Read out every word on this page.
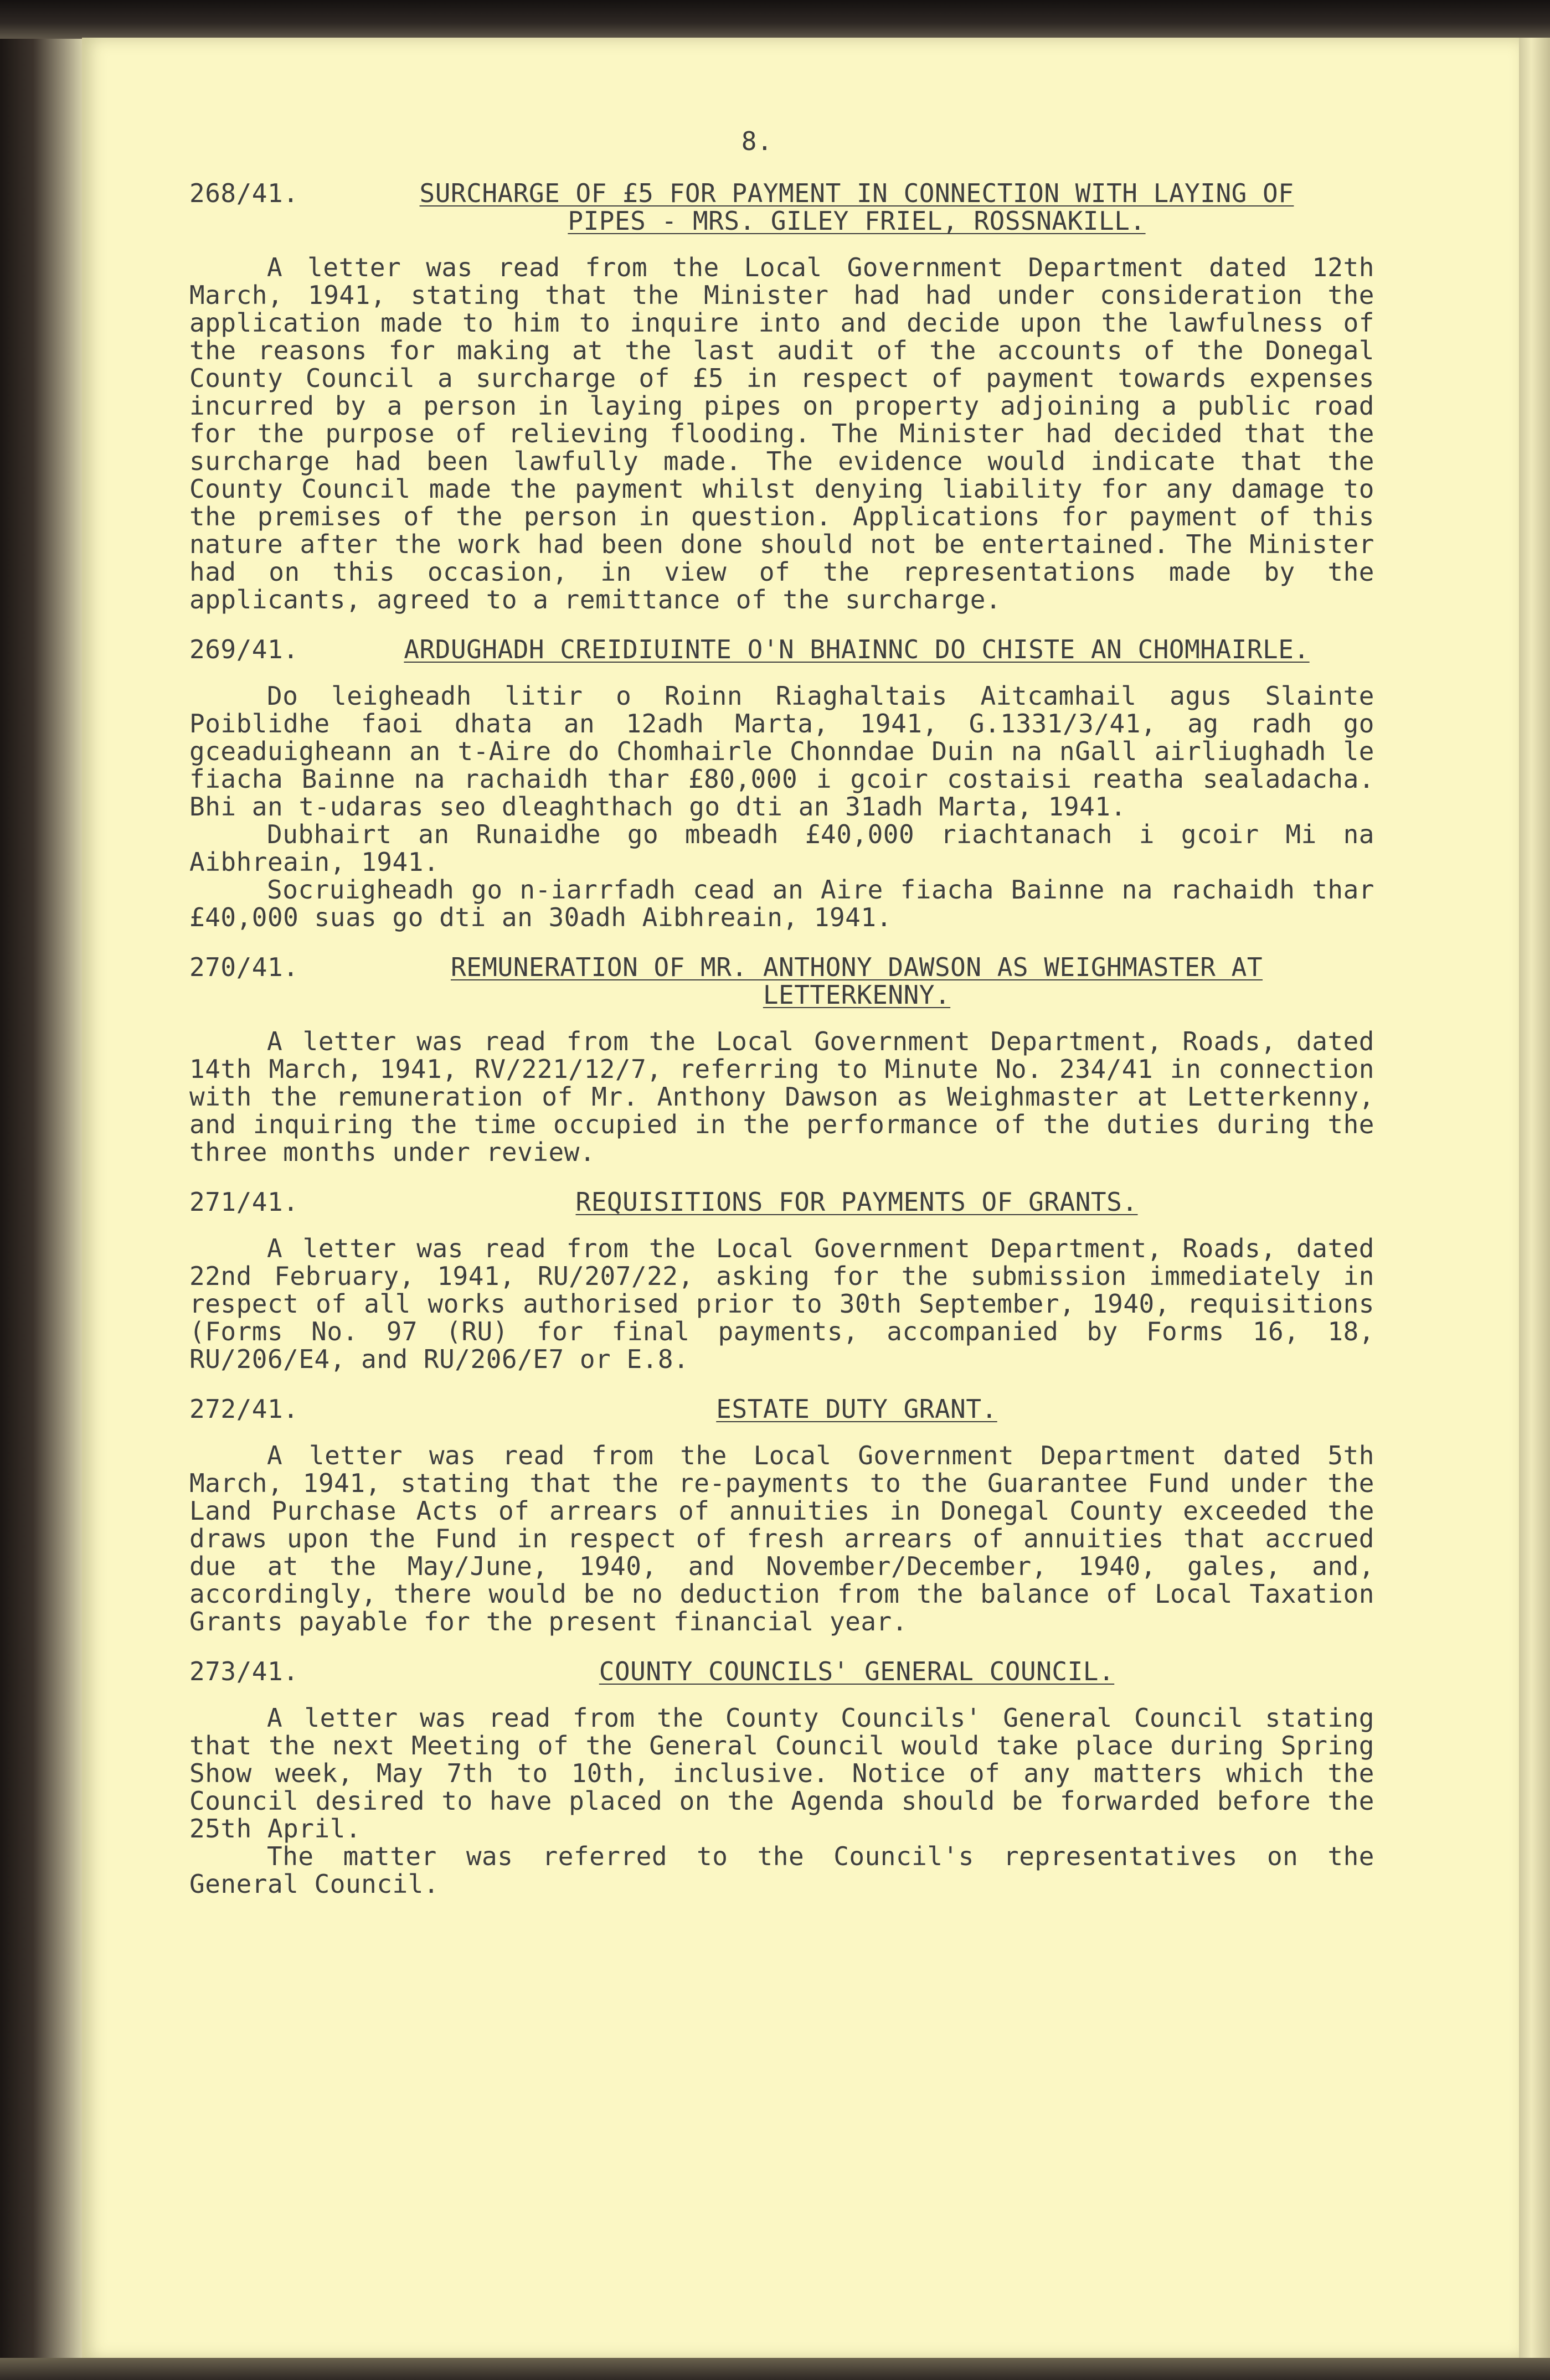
8.
268/41.	SURCHARGE OF £5 FOR PAYMENT IN CONNECTION WITH LAYING OF
PIPES - MRS. GILEY FRIEL, ROSSNAKILL.
A letter was read from the Local Government Department dated 12th March, 1941, stating that the Minister had had under consideration the application made to him to inquire into and decide upon the lawfulness of the reasons for making at the last audit of the accounts of the Donegal County Council a surcharge of £5 in respect of payment towards expenses incurred by a person in laying pipes on property adjoining a public road for the purpose of relieving flooding. The Minister had decided that the surcharge had been lawfully made. The evidence would indicate that the County Council made the payment whilst denying liability for any damage to the premises of the person in question. Applications for payment of this nature after the work had been done should not be entertained. The Minister had on this occasion, in view of the representations made by the applicants, agreed to a remittance of the surcharge.
269/41.	ARDUGHADH CREIDIUINTE O'N BHAINNC DO CHISTE AN CHOMHAIRLE.
Do leigheadh litir o Roinn Riaghaltais Aitcamhail agus Slainte Poiblidhe faoi dhata an 12adh Marta, 1941, G.1331/3/41, ag radh go gceaduigheann an t-Aire do Chomhairle Chonndae Duin na nGall airliughadh le fiacha Bainne na rachaidh thar £80,000 i gcoir costaisi reatha sealadacha. Bhi an t-udaras seo dleaghthach go dti an 31adh Marta, 1941.
Dubhairt an Runaidhe go mbeadh £40,000 riachtanach i gcoir Mi na Aibhreain, 1941.
Socruigheadh go n-iarrfadh cead an Aire fiacha Bainne na rachaidh thar £40,000 suas go dti an 30adh Aibhreain, 1941.
270/41.	REMUNERATION OF MR. ANTHONY DAWSON AS WEIGHMASTER AT
LETTERKENNY.
A letter was read from the Local Government Department, Roads, dated 14th March, 1941, RV/221/12/7, referring to Minute No. 234/41 in connection with the remuneration of Mr. Anthony Dawson as Weighmaster at Letterkenny, and inquiring the time occupied in the performance of the duties during the three months under review.
271/41.	REQUISITIONS FOR PAYMENTS OF GRANTS.
A letter was read from the Local Government Department, Roads, dated 22nd February, 1941, RU/207/22, asking for the submission immediately in respect of all works authorised prior to 30th September, 1940, requisitions (Forms No. 97 (RU) for final payments, accompanied by Forms 16, 18, RU/206/E4, and RU/206/E7 or E.8.
272/41.	ESTATE DUTY GRANT.
A letter was read from the Local Government Department dated 5th March, 1941, stating that the re-payments to the Guarantee Fund under the Land Purchase Acts of arrears of annuities in Donegal County exceeded the draws upon the Fund in respect of fresh arrears of annuities that accrued due at the May/June, 1940, and November/December, 1940, gales, and, accordingly, there would be no deduction from the balance of Local Taxation Grants payable for the present financial year.
273/41.	COUNTY COUNCILS' GENERAL COUNCIL.
A letter was read from the County Councils' General Council stating that the next Meeting of the General Council would take place during Spring Show week, May 7th to 10th, inclusive. Notice of any matters which the Council desired to have placed on the Agenda should be forwarded before the 25th April.
The matter was referred to the Council's representatives on the General Council.
